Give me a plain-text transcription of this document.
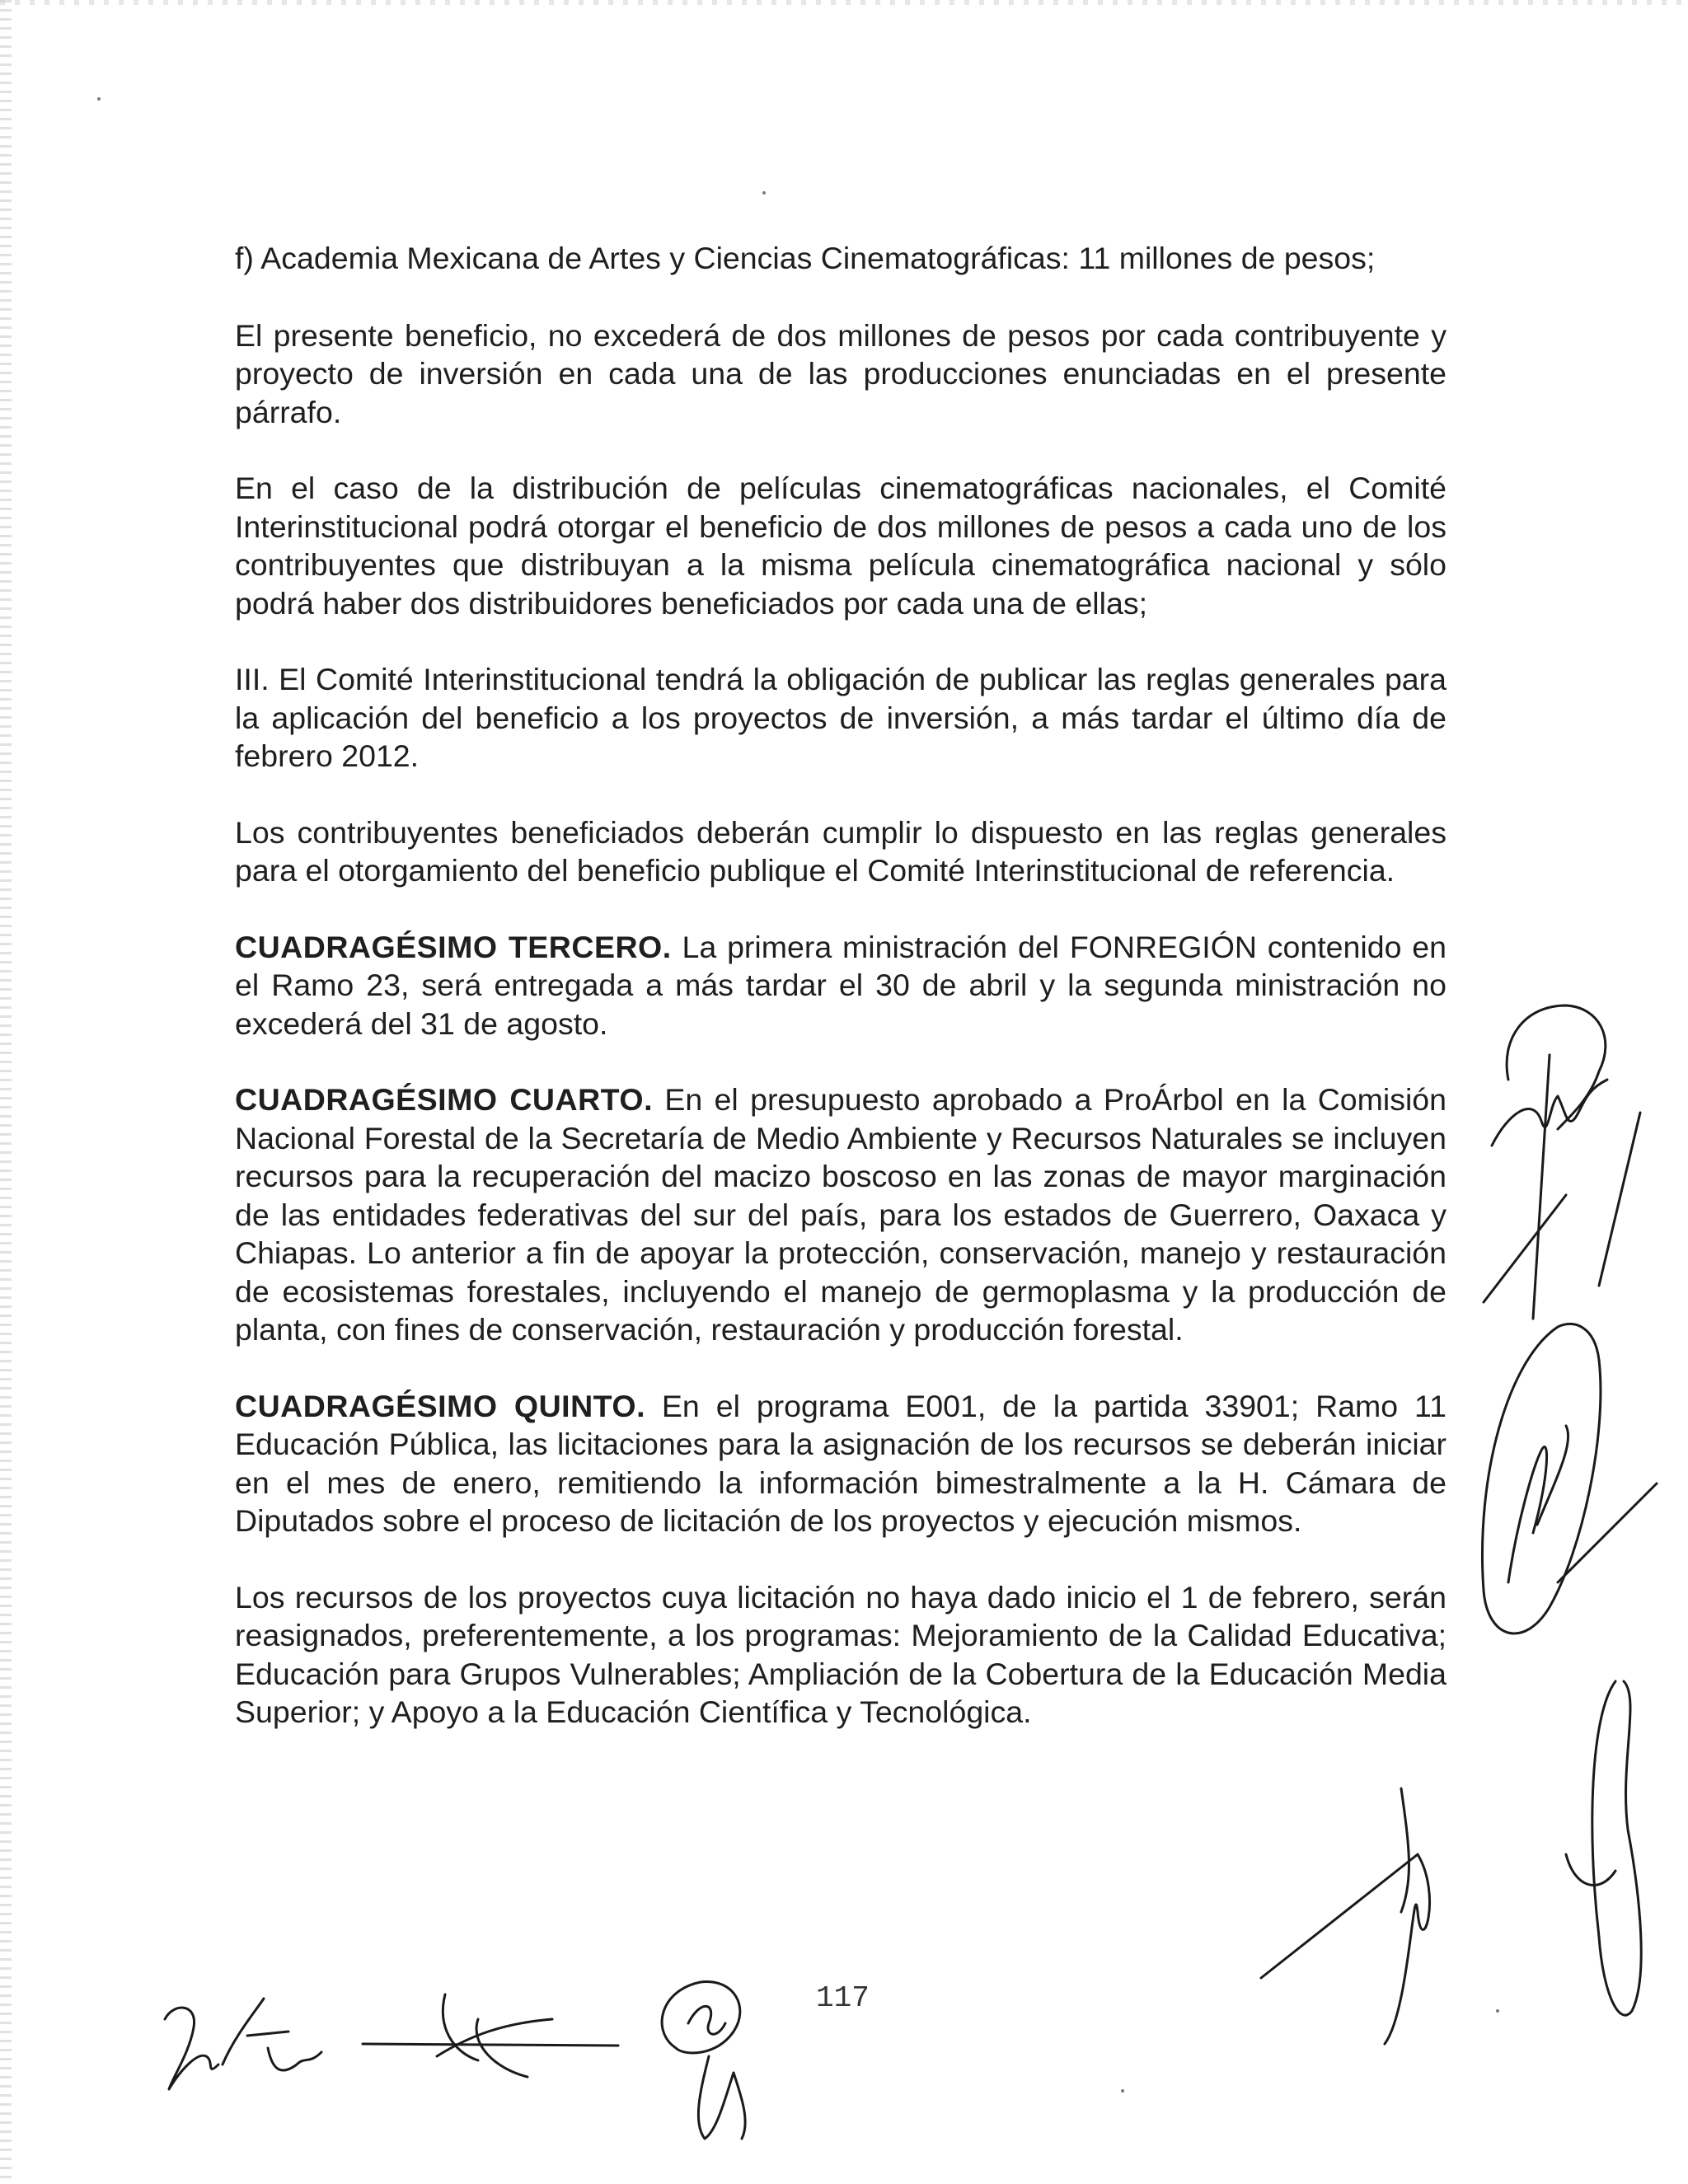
f) Academia Mexicana de Artes y Ciencias Cinematográficas: 11 millones de pesos;

El presente beneficio, no excederá de dos millones de pesos por cada contribuyente y proyecto de inversión en cada una de las producciones enunciadas en el presente párrafo.

En el caso de la distribución de películas cinematográficas nacionales, el Comité Interinstitucional podrá otorgar el beneficio de dos millones de pesos a cada uno de los contribuyentes que distribuyan a la misma película cinematográfica nacional y sólo podrá haber dos distribuidores beneficiados por cada una de ellas;

III. El Comité Interinstitucional tendrá la obligación de publicar las reglas generales para la aplicación del beneficio a los proyectos de inversión, a más tardar el último día de febrero 2012.

Los contribuyentes beneficiados deberán cumplir lo dispuesto en las reglas generales para el otorgamiento del beneficio publique el Comité Interinstitucional de referencia.

CUADRAGÉSIMO TERCERO. La primera ministración del FONREGIÓN contenido en el Ramo 23, será entregada a más tardar el 30 de abril y la segunda ministración no excederá del 31 de agosto.

CUADRAGÉSIMO CUARTO. En el presupuesto aprobado a ProÁrbol en la Comisión Nacional Forestal de la Secretaría de Medio Ambiente y Recursos Naturales se incluyen recursos para la recuperación del macizo boscoso en las zonas de mayor marginación de las entidades federativas del sur del país, para los estados de Guerrero, Oaxaca y Chiapas. Lo anterior a fin de apoyar la protección, conservación, manejo y restauración de ecosistemas forestales, incluyendo el manejo de germoplasma y la producción de planta, con fines de conservación, restauración y producción forestal.

CUADRAGÉSIMO QUINTO. En el programa E001, de la partida 33901; Ramo 11 Educación Pública, las licitaciones para la asignación de los recursos se deberán iniciar en el mes de enero, remitiendo la información bimestralmente a la H. Cámara de Diputados sobre el proceso de licitación de los proyectos y ejecución mismos.

Los recursos de los proyectos cuya licitación no haya dado inicio el 1 de febrero, serán reasignados, preferentemente, a los programas: Mejoramiento de la Calidad Educativa; Educación para Grupos Vulnerables; Ampliación de la Cobertura de la Educación Media Superior; y Apoyo a la Educación Científica y Tecnológica.

117
